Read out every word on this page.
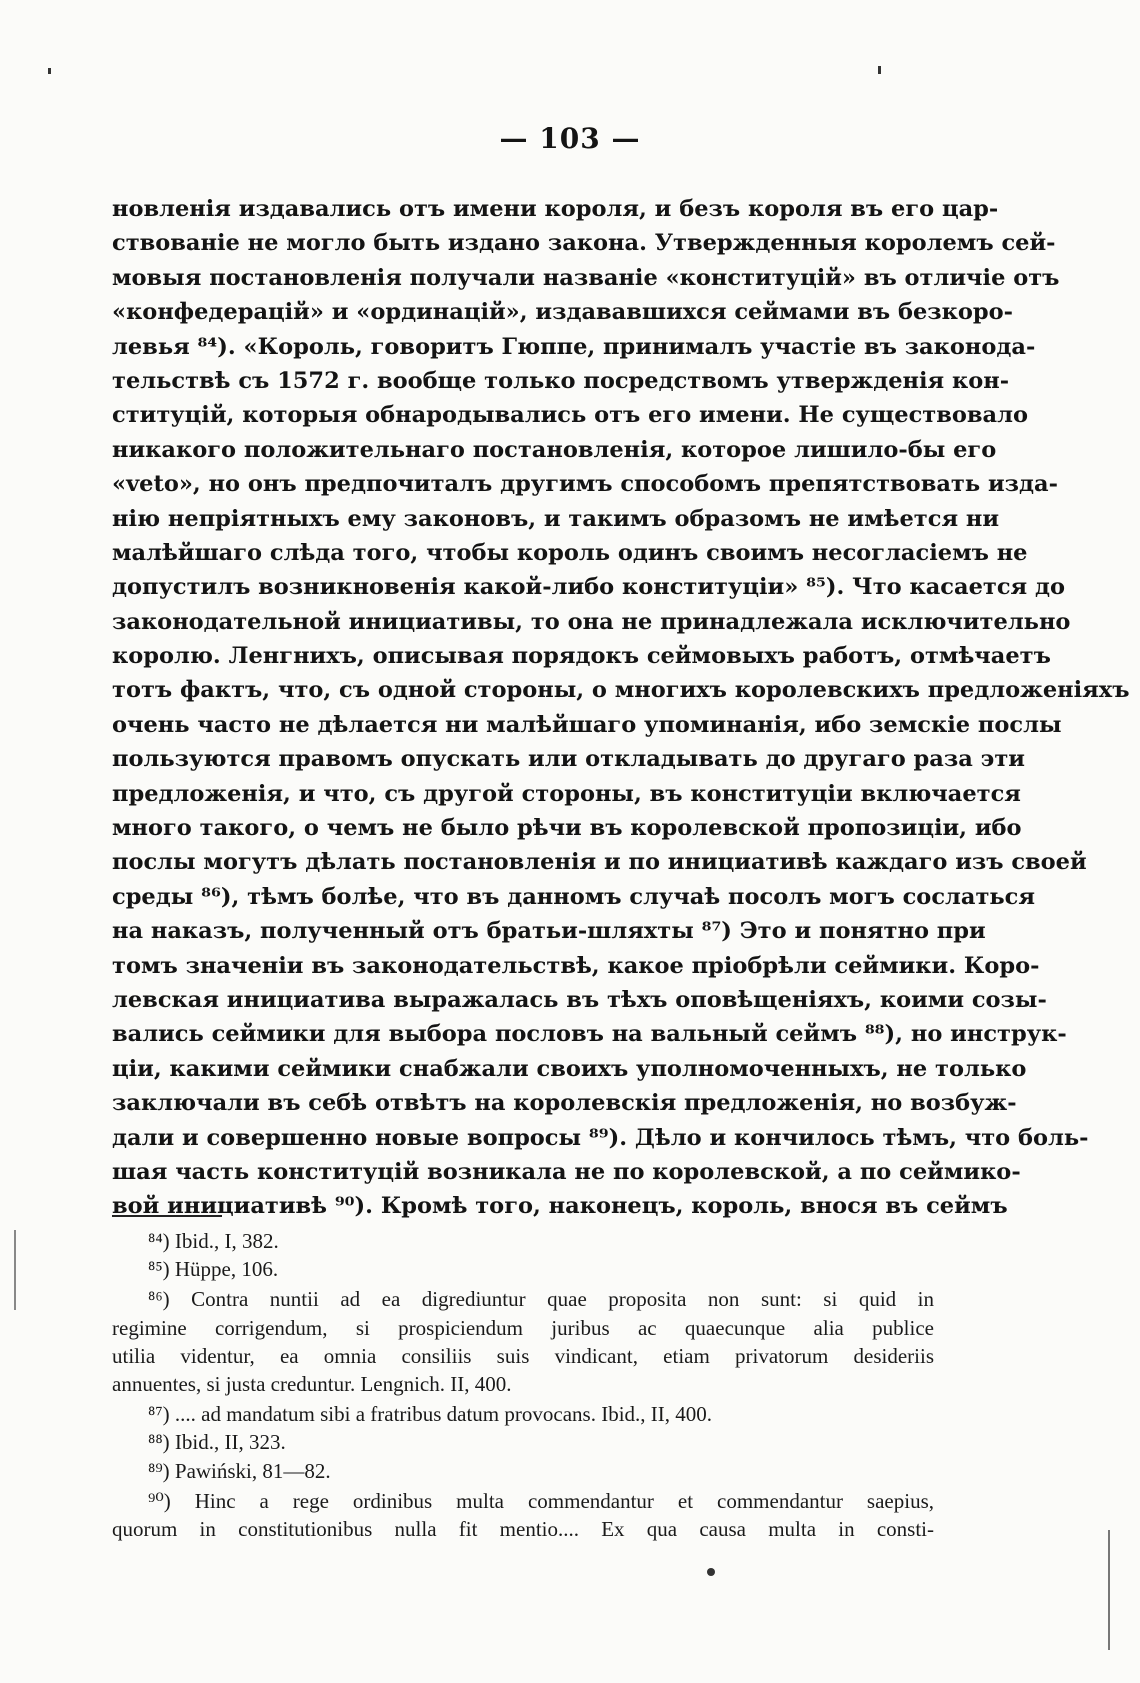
— 103 —
новленія издавались отъ имени короля, и безъ короля въ его цар-
ствованіе не могло быть издано закона. Утвержденныя королемъ сей-
мовыя постановленія получали названіе «конституцій» въ отличіе отъ
«конфедерацій» и «ординацій», издававшихся сеймами въ безкоро-
левья ⁸⁴). «Король, говоритъ Гюппе, принималъ участіе въ законода-
тельствѣ съ 1572 г. вообще только посредствомъ утвержденія кон-
ституцій, которыя обнародывались отъ его имени. Не существовало
никакого положительнаго постановленія, которое лишило-бы его
«veto», но онъ предпочиталъ другимъ способомъ препятствовать изда-
нію непріятныхъ ему законовъ, и такимъ образомъ не имѣется ни
малѣйшаго слѣда того, чтобы король одинъ своимъ несогласіемъ не
допустилъ возникновенія какой-либо конституціи» ⁸⁵). Что касается до
законодательной инициативы, то она не принадлежала исключительно
королю. Ленгнихъ, описывая порядокъ сеймовыхъ работъ, отмѣчаетъ
тотъ фактъ, что, съ одной стороны, о многихъ королевскихъ предложеніяхъ
очень часто не дѣлается ни малѣйшаго упоминанія, ибо земскіе послы
пользуются правомъ опускать или откладывать до другаго раза эти
предложенія, и что, съ другой стороны, въ конституціи включается
много такого, о чемъ не было рѣчи въ королевской пропозиціи, ибо
послы могутъ дѣлать постановленія и по инициативѣ каждаго изъ своей
среды ⁸⁶), тѣмъ болѣе, что въ данномъ случаѣ посолъ могъ сослаться
на наказъ, полученный отъ братьи-шляхты ⁸⁷) Это и понятно при
томъ значеніи въ законодательствѣ, какое пріобрѣли сеймики. Коро-
левская инициатива выражалась въ тѣхъ оповѣщеніяхъ, коими созы-
вались сеймики для выбора пословъ на вальный сеймъ ⁸⁸), но инструк-
ціи, какими сеймики снабжали своихъ уполномоченныхъ, не только
заключали въ себѣ отвѣтъ на королевскія предложенія, но возбуж-
дали и совершенно новые вопросы ⁸⁹). Дѣло и кончилось тѣмъ, что боль-
шая часть конституцій возникала не по королевской, а по сеймико-
вой инициативѣ ⁹⁰). Кромѣ того, наконецъ, король, внося въ сеймъ
⁸⁴) Ibid., I, 382.
⁸⁵) Hüppe, 106.
⁸⁶) Contra nuntii ad ea digrediuntur quae proposita non sunt: si quid in
regimine corrigendum, si prospiciendum juribus ac quaecunque alia publice
utilia videntur, ea omnia consiliis suis vindicant, etiam privatorum desideriis
annuentes, si justa creduntur. Lengnich. II, 400.
⁸⁷) .... ad mandatum sibi a fratribus datum provocans. Ibid., II, 400.
⁸⁸) Ibid., II, 323.
⁸⁹) Pawiński, 81—82.
⁹⁰) Hinc a rege ordinibus multa commendantur et commendantur saepius,
quorum in constitutionibus nulla fit mentio.... Ex qua causa multa in consti-
